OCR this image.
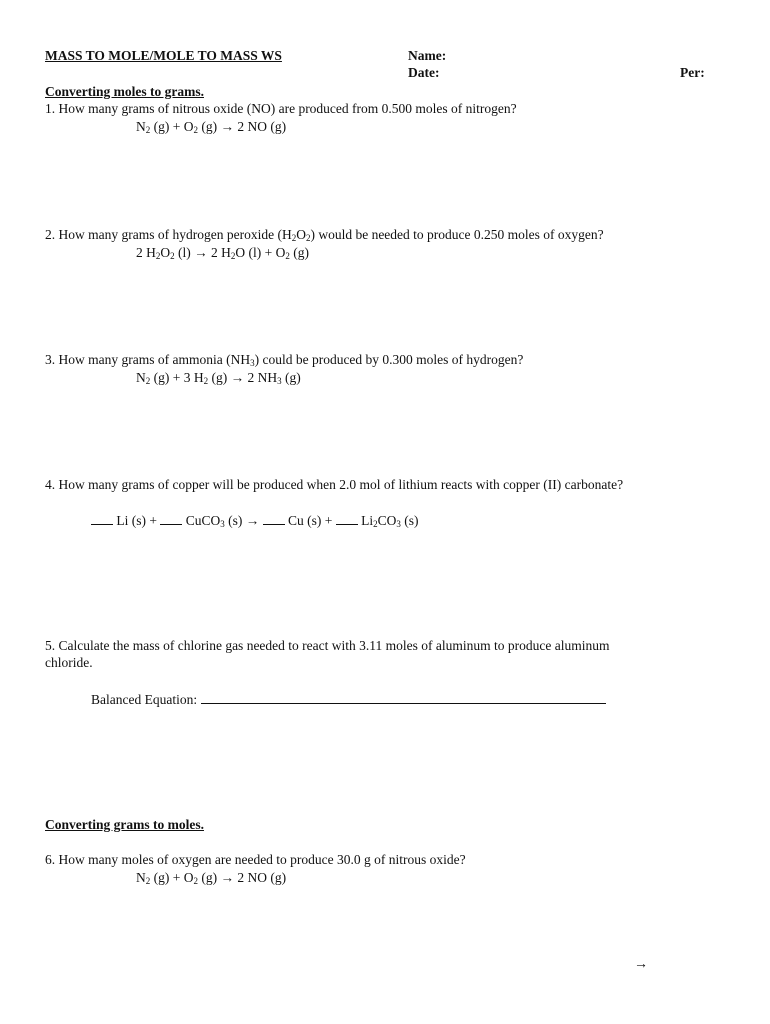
MASS TO MOLE/MOLE TO MASS WS	Name:
Date:	Per:
Converting moles to grams.
1. How many grams of nitrous oxide (NO) are produced from 0.500 moles of nitrogen?
$N_2$ $(g) + O_2$ (g) → 2 NO (g)
2. How many grams of hydrogen peroxide $(H_2O_2)$ would be needed to produce 0.250 moles of oxygen?
2 $H_2O_2$ (l) → 2 $H_2O$ $(l) + O_2$ (g)
3. How many grams of ammonia $(NH_3)$ could be produced by 0.300 moles of hydrogen?
$N_2$ (g) + 3 $H_2$ (g) → 2 $NH_3$ (g)
4. How many grams of copper will be produced when 2.0 mol of lithium reacts with copper (II) carbonate?
Li (s) +  CuCO$_3$ (s) →  Cu $(s) + Li_2CO_3$ (s)
5. Calculate the mass of chlorine gas needed to react with 3.11 moles of aluminum to produce aluminum
chloride.
Balanced Equation:
Converting grams to moles.
6. How many moles of oxygen are needed to produce 30.0 g of nitrous oxide?
$N_2$ $(g) + O_2$ (g) → 2 NO (g)
→
